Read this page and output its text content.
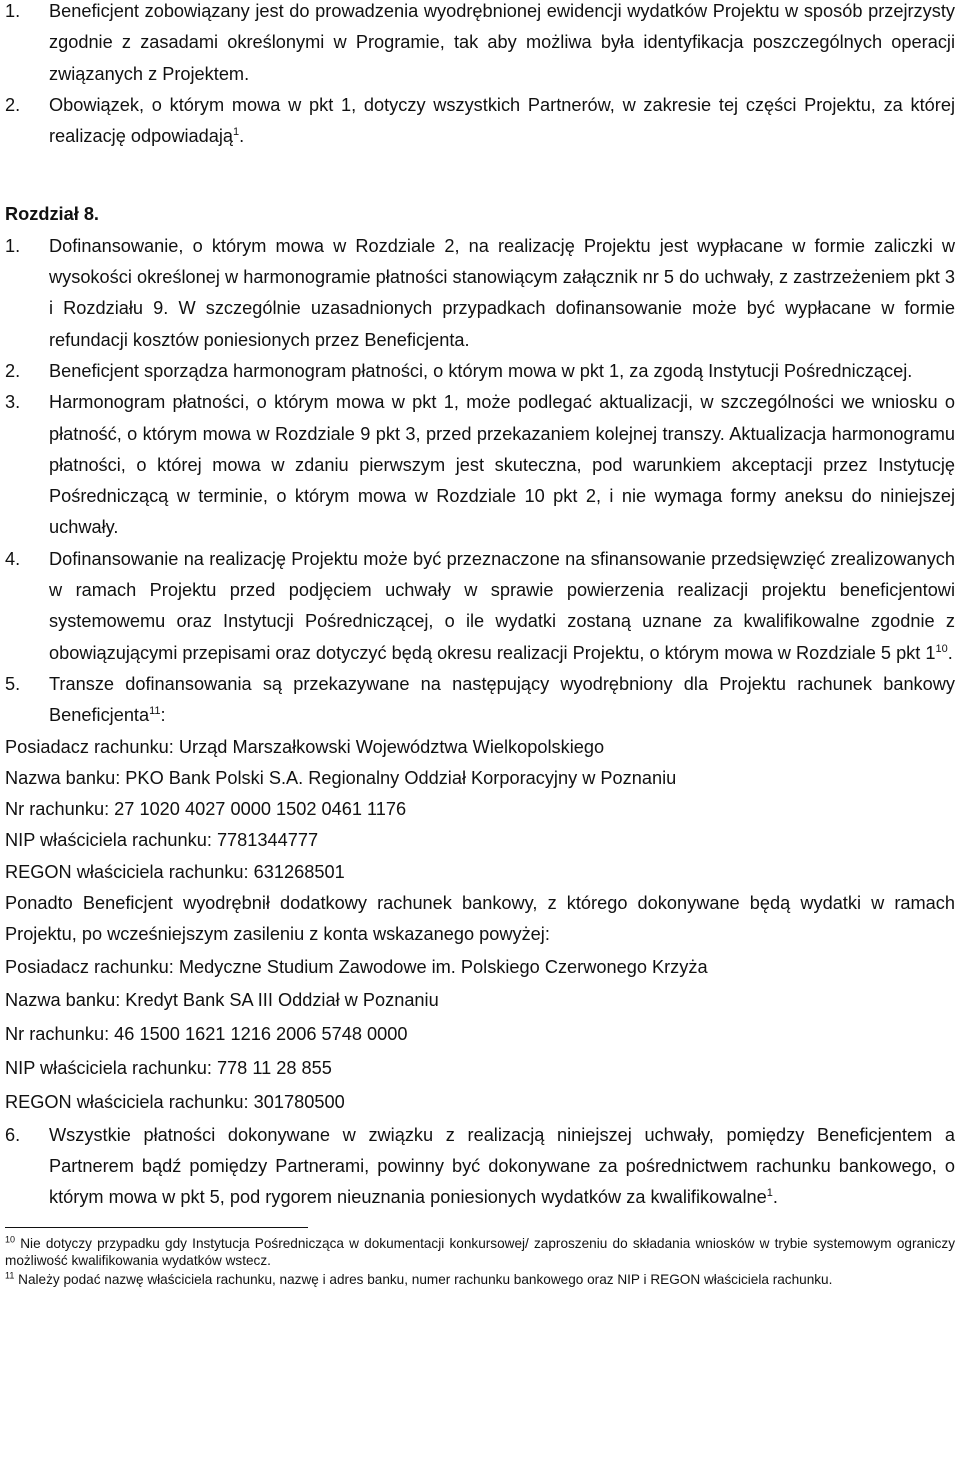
1. Beneficjent zobowiązany jest do prowadzenia wyodrębnionej ewidencji wydatków Projektu w sposób przejrzysty zgodnie z zasadami określonymi w Programie, tak aby możliwa była identyfikacja poszczególnych operacji związanych z Projektem.
2. Obowiązek, o którym mowa w pkt 1, dotyczy wszystkich Partnerów, w zakresie tej części Projektu, za której realizację odpowiadają$^1$.
Rozdział 8.
1. Dofinansowanie, o którym mowa w Rozdziale 2, na realizację Projektu jest wypłacane w formie zaliczki w wysokości określonej w harmonogramie płatności stanowiącym załącznik nr 5 do uchwały, z zastrzeżeniem pkt 3 i Rozdziału 9. W szczególnie uzasadnionych przypadkach dofinansowanie może być wypłacane w formie refundacji kosztów poniesionych przez Beneficjenta.
2. Beneficjent sporządza harmonogram płatności, o którym mowa w pkt 1, za zgodą Instytucji Pośredniczącej.
3. Harmonogram płatności, o którym mowa w pkt 1, może podlegać aktualizacji, w szczególności we wniosku o płatność, o którym mowa w Rozdziale 9 pkt 3, przed przekazaniem kolejnej transzy. Aktualizacja harmonogramu płatności, o której mowa w zdaniu pierwszym jest skuteczna, pod warunkiem akceptacji przez Instytucję Pośredniczącą w terminie, o którym mowa w Rozdziale 10 pkt 2, i nie wymaga formy aneksu do niniejszej uchwały.
4. Dofinansowanie na realizację Projektu może być przeznaczone na sfinansowanie przedsięwzięć zrealizowanych w ramach Projektu przed podjęciem uchwały w sprawie powierzenia realizacji projektu beneficjentowi systemowemu oraz Instytucji Pośredniczącej, o ile wydatki zostaną uznane za kwalifikowalne zgodnie z obowiązującymi przepisami oraz dotyczyć będą okresu realizacji Projektu, o którym mowa w Rozdziale 5 pkt $1^{10}$.
5. Transze dofinansowania są przekazywane na następujący wyodrębniony dla Projektu rachunek bankowy Beneficjenta$^{11}$:
Posiadacz rachunku: Urząd Marszałkowski Województwa Wielkopolskiego
Nazwa banku: PKO Bank Polski S.A. Regionalny Oddział Korporacyjny w Poznaniu
Nr rachunku: 27 1020 4027 0000 1502 0461 1176
NIP właściciela rachunku: 7781344777
REGON właściciela rachunku: 631268501
Ponadto Beneficjent wyodrębnił dodatkowy rachunek bankowy, z którego dokonywane będą wydatki w ramach Projektu, po wcześniejszym zasileniu z konta wskazanego powyżej:
Posiadacz rachunku: Medyczne Studium Zawodowe im. Polskiego Czerwonego Krzyża
Nazwa banku: Kredyt Bank SA III Oddział w Poznaniu
Nr rachunku: 46 1500 1621 1216 2006 5748 0000
NIP właściciela rachunku: 778 11 28 855
REGON właściciela rachunku: 301780500
6. Wszystkie płatności dokonywane w związku z realizacją niniejszej uchwały, pomiędzy Beneficjentem a Partnerem bądź pomiędzy Partnerami, powinny być dokonywane za pośrednictwem rachunku bankowego, o którym mowa w pkt 5, pod rygorem nieuznania poniesionych wydatków za kwalifikowalne$^1$.
$^{10}$ Nie dotyczy przypadku gdy Instytucja Pośrednicząca w dokumentacji konkursowej/ zaproszeniu do składania wniosków w trybie systemowym ograniczy możliwość kwalifikowania wydatków wstecz.
$^{11}$ Należy podać nazwę właściciela rachunku, nazwę i adres banku, numer rachunku bankowego oraz NIP i REGON właściciela rachunku.
